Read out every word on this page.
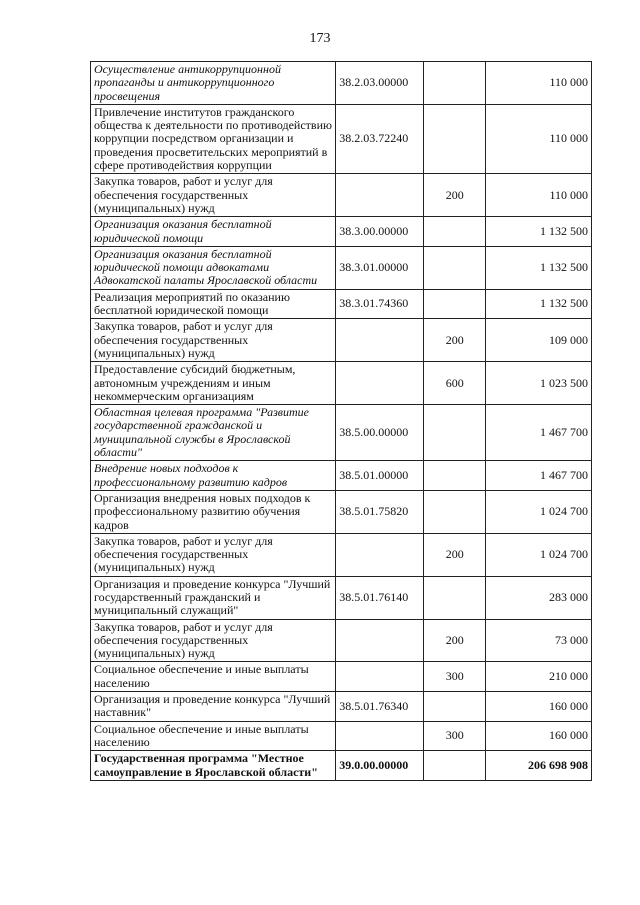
173
Осуществление антикоррупционной пропаганды и антикоррупционного просвещения	38.2.03.00000		110 000
Привлечение институтов гражданского общества к деятельности по противодействию коррупции посредством организации и проведения просветительских мероприятий в сфере противодействия коррупции	38.2.03.72240		110 000
Закупка товаров, работ и услуг для обеспечения государственных (муниципальных) нужд		200	110 000
Организация оказания бесплатной юридической помощи	38.3.00.00000		1 132 500
Организация оказания бесплатной юридической помощи адвокатами Адвокатской палаты Ярославской области	38.3.01.00000		1 132 500
Реализация мероприятий по оказанию бесплатной юридической помощи	38.3.01.74360		1 132 500
Закупка товаров, работ и услуг для обеспечения государственных (муниципальных) нужд		200	109 000
Предоставление субсидий бюджетным, автономным учреждениям и иным некоммерческим организациям		600	1 023 500
Областная целевая программа "Развитие государственной гражданской и муниципальной службы в Ярославской области"	38.5.00.00000		1 467 700
Внедрение новых подходов к профессиональному развитию кадров	38.5.01.00000		1 467 700
Организация внедрения новых подходов к профессиональному развитию обучения кадров	38.5.01.75820		1 024 700
Закупка товаров, работ и услуг для обеспечения государственных (муниципальных) нужд		200	1 024 700
Организация и проведение конкурса "Лучший государственный гражданский и муниципальный служащий"	38.5.01.76140		283 000
Закупка товаров, работ и услуг для обеспечения государственных (муниципальных) нужд		200	73 000
Социальное обеспечение и иные выплаты населению		300	210 000
Организация и проведение конкурса "Лучший наставник"	38.5.01.76340		160 000
Социальное обеспечение и иные выплаты населению		300	160 000
Государственная программа "Местное самоуправление в Ярославской области"	39.0.00.00000		206 698 908
